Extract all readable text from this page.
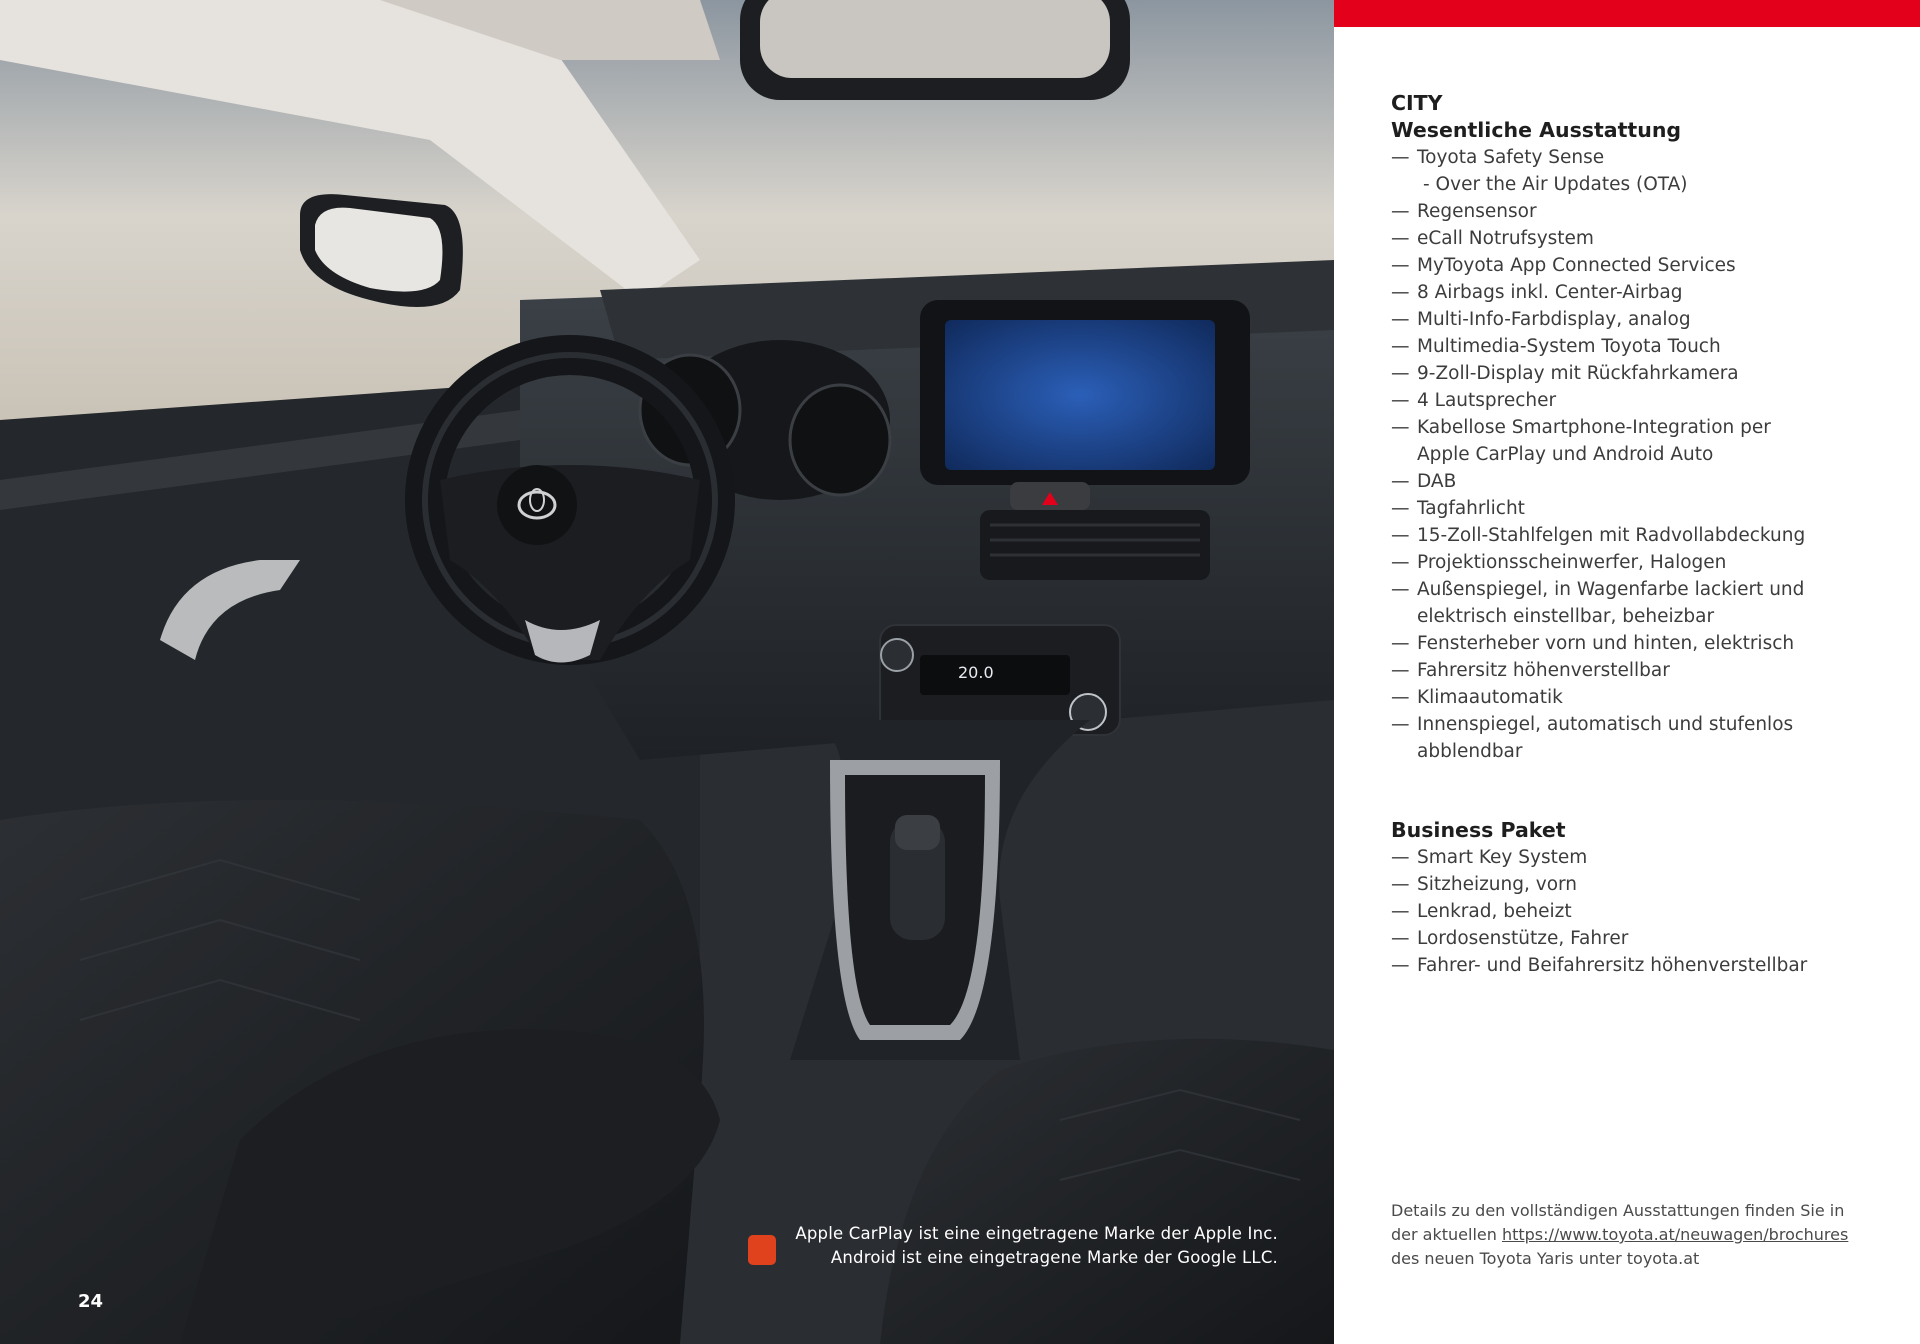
20.0
Apple CarPlay ist eine eingetragene Marke der Apple Inc.
Android ist eine eingetragene Marke der Google LLC.
24
CITY
Wesentliche Ausstattung
— Toyota Safety Sense
- Over the Air Updates (OTA)
— Regensensor
— eCall Notrufsystem
— MyToyota App Connected Services
— 8 Airbags inkl. Center-Airbag
— Multi-Info-Farbdisplay, analog
— Multimedia-System Toyota Touch
— 9-Zoll-Display mit Rückfahrkamera
— 4 Lautsprecher
— Kabellose Smartphone-Integration per
Apple CarPlay und Android Auto
— DAB
— Tagfahrlicht
— 15-Zoll-Stahlfelgen mit Radvollabdeckung
— Projektionsscheinwerfer, Halogen
— Außenspiegel, in Wagenfarbe lackiert und
elektrisch einstellbar, beheizbar
— Fensterheber vorn und hinten, elektrisch
— Fahrersitz höhenverstellbar
— Klimaautomatik
— Innenspiegel, automatisch und stufenlos
abblendbar
Business Paket
— Smart Key System
— Sitzheizung, vorn
— Lenkrad, beheizt
— Lordosenstütze, Fahrer
— Fahrer- und Beifahrersitz höhenverstellbar
Details zu den vollständigen Ausstattungen finden Sie in der aktuellen https://www.toyota.at/neuwagen/brochures des neuen Toyota Yaris unter toyota.at
